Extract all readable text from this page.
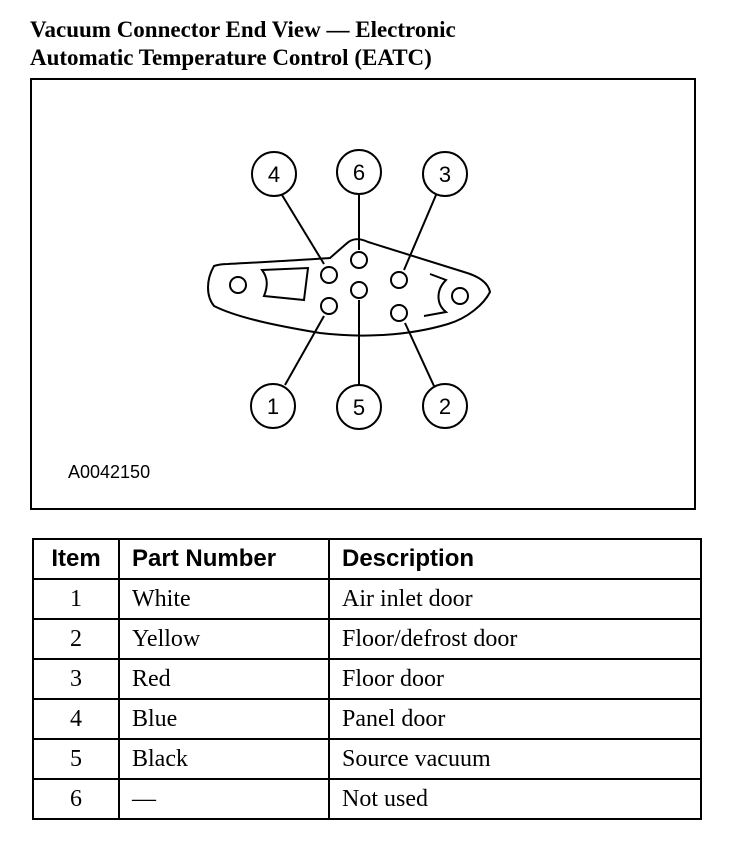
Vacuum Connector End View — Electronic
Automatic Temperature Control (EATC)
4	6	3
1	5	2
A0042150
Item	Part Number	Description
1	White	Air inlet door
2	Yellow	Floor/defrost door
3	Red	Floor door
4	Blue	Panel door
5	Black	Source vacuum
6	—	Not used
